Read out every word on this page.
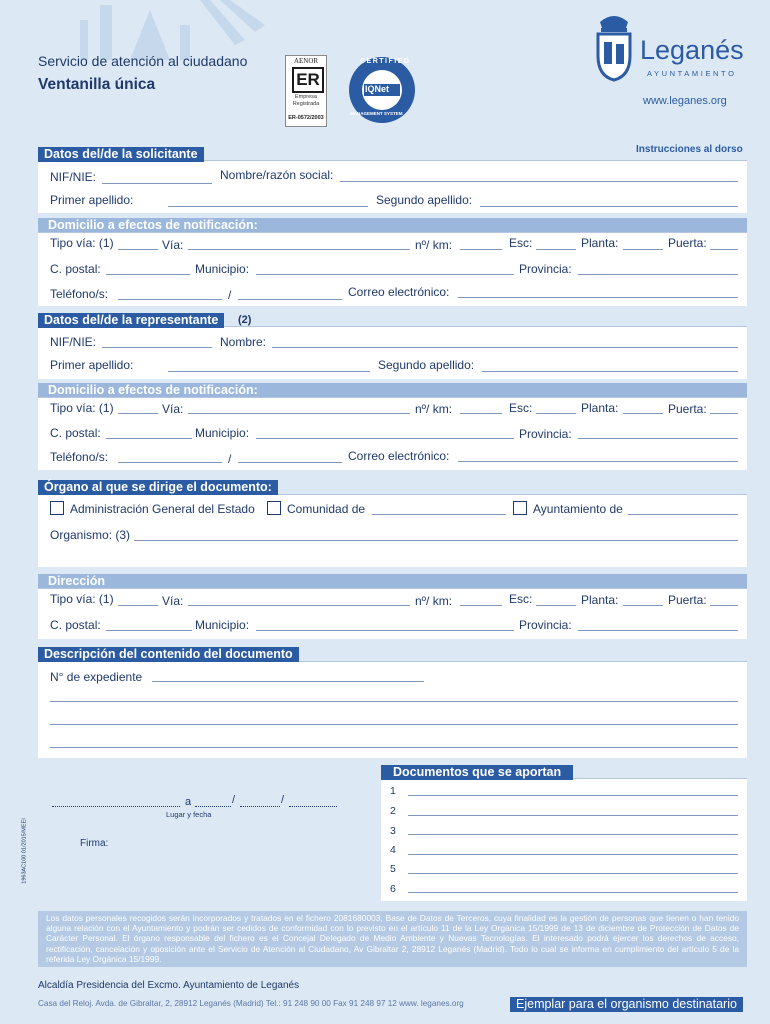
Servicio de atención al ciudadano
Ventanilla única
AENOR
ER
Empresa
Registrada
ER-0572/2003
CERTIFIED
IQNet
MANAGEMENT SYSTEM
Leganés
AYUNTAMIENTO
www.leganes.org
Instrucciones al dorso
Datos del/de la solicitante
NIF/NIE:	Nombre/razón social:
Primer apellido:	Segundo apellido:
Domicilio a efectos de notificación:
Tipo vía: (1)	Vía:	nº/ km:	Esc:	Planta:	Puerta:
C. postal:	Municipio:	Provincia:
Teléfono/s:	/	Correo electrónico:
Datos del/de la representante	(2)
NIF/NIE:	Nombre:
Primer apellido:	Segundo apellido:
Domicilio a efectos de notificación:
Tipo vía: (1)	Vía:	nº/ km:	Esc:	Planta:	Puerta:
C. postal:	Municipio:	Provincia:
Teléfono/s:	/	Correo electrónico:
Órgano al que se dirige el documento:
Administración General del Estado	Comunidad de	Ayuntamiento de
Organismo: (3)
Dirección
Tipo vía: (1)	Vía:	nº/ km:	Esc:	Planta:	Puerta:
C. postal:	Municipio:	Provincia:
Descripción del contenido del documento
N° de expediente
Documentos que se aportan
1
2
3
4
5
6
a	/	/
Lugar y fecha
Firma:
1963AC100 01/2015/MEEI
Los datos personales recogidos serán incorporados y tratados en el fichero 2081680003, Base de Datos de Terceros, cuya finalidad es la gestión de personas que tienen o han tenido alguna relación con el Ayuntamiento y podrán ser cedidos de conformidad con lo previsto en el artículo 11 de la Ley Orgánica 15/1999 de 13 de diciembre de Protección de Datos de Carácter Personal. El órgano responsable del fichero es el Concejal Delegado de Medio Ambiente y Nuevas Tecnologías. El interesado podrá ejercer los derechos de acceso, rectificación, cancelación y oposición ante el Servicio de Atención al Ciudadano, Av Gibraltar 2, 28912 Leganés (Madrid). Todo lo cual se informa en cumplimiento del artículo 5 de la referida Ley Orgánica 15/1999.
Alcaldía Presidencia del Excmo. Ayuntamiento de Leganés
Casa del Reloj. Avda. de Gibraltar, 2, 28912 Leganés (Madrid) Tel.: 91 248 90 00 Fax 91 248 97 12 www. leganes.org	Ejemplar para el organismo destinatario
